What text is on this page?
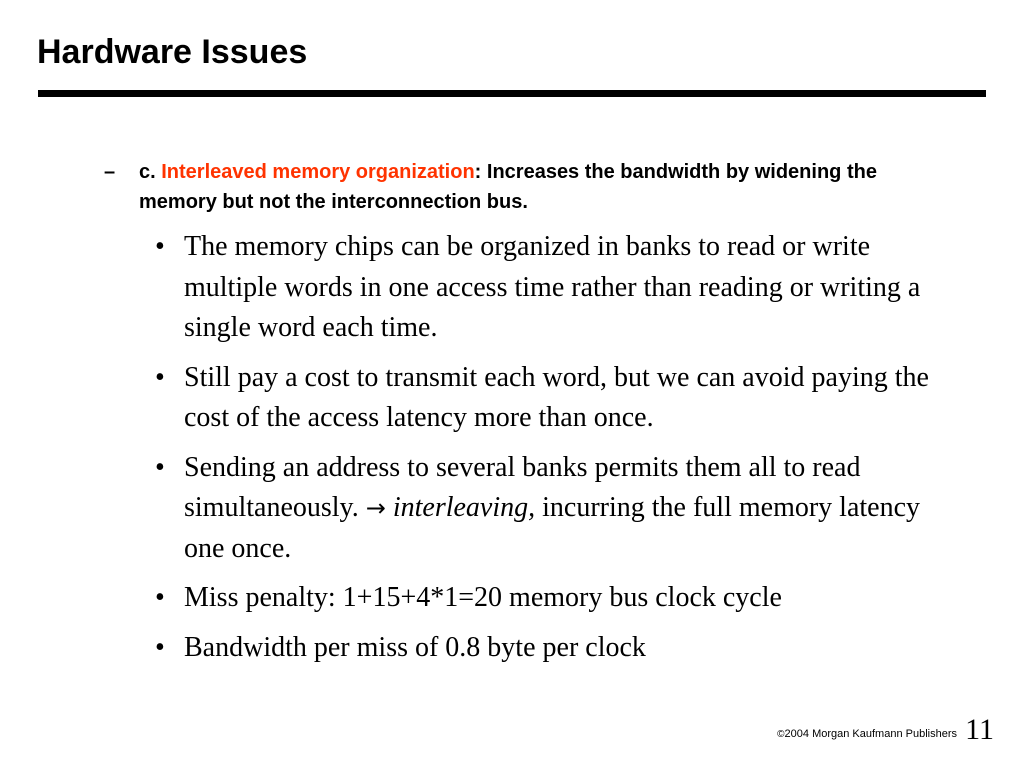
Hardware Issues
–	c. Interleaved memory organization: Increases the bandwidth by widening the memory but not the interconnection bus.
• The memory chips can be organized in banks to read or write multiple words in one access time rather than reading or writing a single word each time.
• Still pay a cost to transmit each word, but we can avoid paying the cost of the access latency more than once.
• Sending an address to several banks permits them all to read simultaneously. → interleaving, incurring the full memory latency one once.
• Miss penalty: 1+15+4*1=20 memory bus clock cycle
• Bandwidth per miss of 0.8 byte per clock
©2004 Morgan Kaufmann Publishers 11
